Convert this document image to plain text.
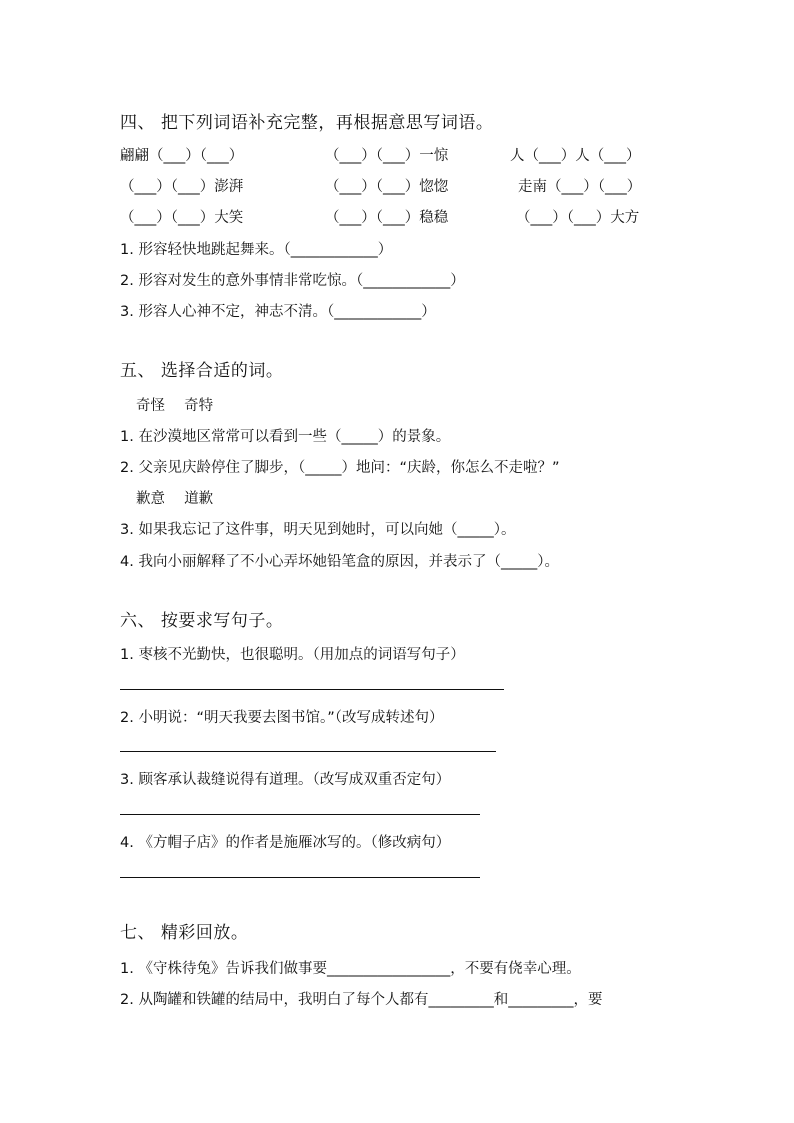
四、 把下列词语补充完整，再根据意思写词语。
翩翩（___）（___）	（___）（___）一惊	人（___）人（___）
（___）（___）澎湃	（___）（___）惚惚	走南（___）（___）
（___）（___）大笑	（___）（___）稳稳	（___）（___）大方
1. 形容轻快地跳起舞来。（____________）
2. 形容对发生的意外事情非常吃惊。（____________）
3. 形容人心神不定，神志不清。（____________）
五、 选择合适的词。
奇怪　 奇特
1. 在沙漠地区常常可以看到一些（_____）的景象。
2. 父亲见庆龄停住了脚步，（_____）地问：“庆龄，你怎么不走啦？”
歉意　 道歉
3. 如果我忘记了这件事，明天见到她时，可以向她（_____）。
4. 我向小丽解释了不小心弄坏她铅笔盒的原因，并表示了（_____）。
六、 按要求写句子。
1. 枣核不光勤快，也很聪明。（用加点的词语写句子）
2. 小明说：“明天我要去图书馆。”（改写成转述句）
3. 顾客承认裁缝说得有道理。（改写成双重否定句）
4. 《方帽子店》的作者是施雁冰写的。（修改病句）
七、 精彩回放。
1. 《守株待兔》告诉我们做事要_________________，不要有侥幸心理。
2. 从陶罐和铁罐的结局中，我明白了每个人都有_________和_________，要
